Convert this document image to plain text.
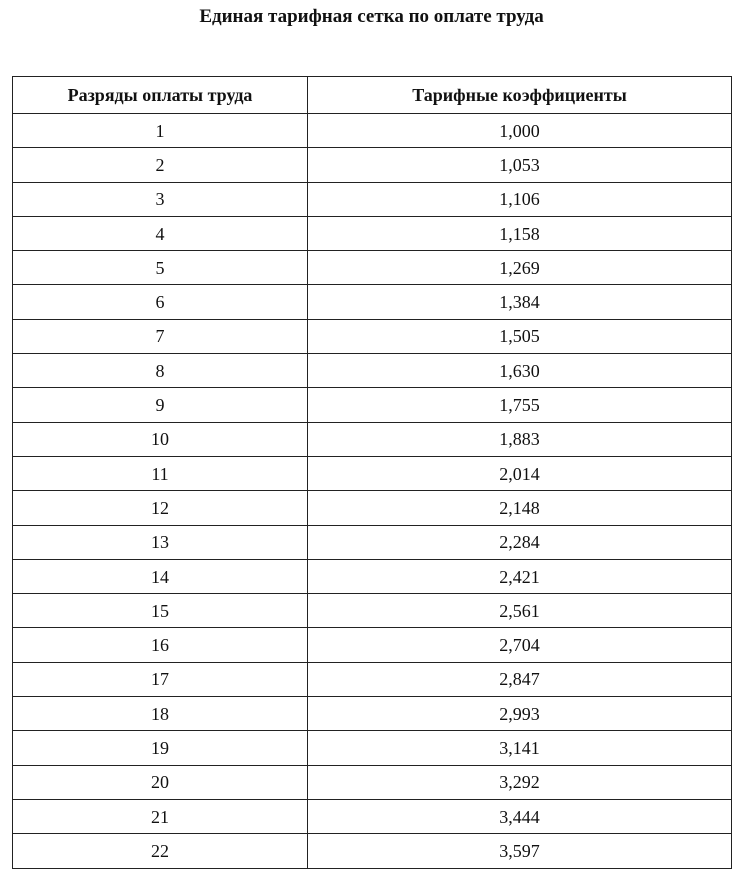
Единая тарифная сетка по оплате труда
Разряды оплаты труда	Тарифные коэффициенты
1	1,000
2	1,053
3	1,106
4	1,158
5	1,269
6	1,384
7	1,505
8	1,630
9	1,755
10	1,883
11	2,014
12	2,148
13	2,284
14	2,421
15	2,561
16	2,704
17	2,847
18	2,993
19	3,141
20	3,292
21	3,444
22	3,597
